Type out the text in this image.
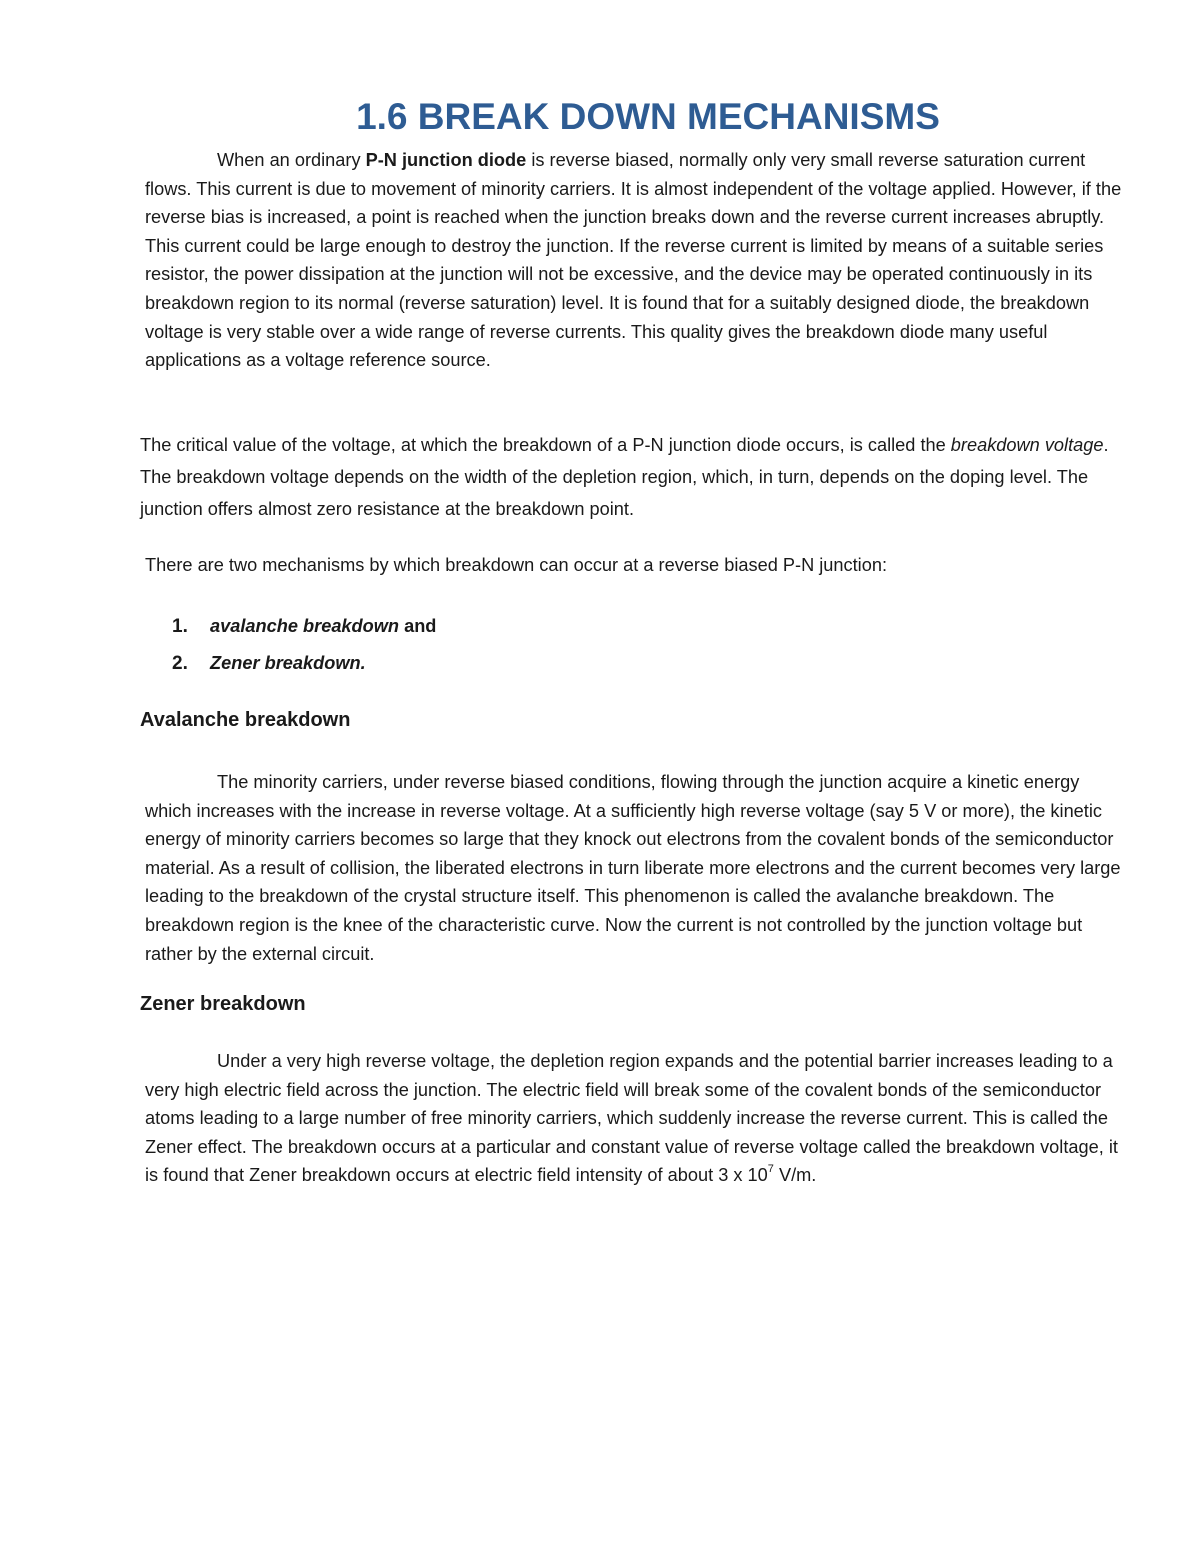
1.6 BREAK DOWN MECHANISMS

When an ordinary P-N junction diode is reverse biased, normally only very small reverse saturation current flows. This current is due to movement of minority carriers. It is almost independent of the voltage applied. However, if the reverse bias is increased, a point is reached when the junction breaks down and the reverse current increases abruptly. This current could be large enough to destroy the junction. If the reverse current is limited by means of a suitable series resistor, the power dissipation at the junction will not be excessive, and the device may be operated continuously in its breakdown region to its normal (reverse saturation) level. It is found that for a suitably designed diode, the breakdown voltage is very stable over a wide range of reverse currents. This quality gives the breakdown diode many useful applications as a voltage reference source.

The critical value of the voltage, at which the breakdown of a P-N junction diode occurs, is called the breakdown voltage. The breakdown voltage depends on the width of the depletion region, which, in turn, depends on the doping level. The junction offers almost zero resistance at the breakdown point.

There are two mechanisms by which breakdown can occur at a reverse biased P-N junction:

1. avalanche breakdown and
2. Zener breakdown.
Avalanche breakdown

The minority carriers, under reverse biased conditions, flowing through the junction acquire a kinetic energy which increases with the increase in reverse voltage. At a sufficiently high reverse voltage (say 5 V or more), the kinetic energy of minority carriers becomes so large that they knock out electrons from the covalent bonds of the semiconductor material. As a result of collision, the liberated electrons in turn liberate more electrons and the current becomes very large leading to the breakdown of the crystal structure itself. This phenomenon is called the avalanche breakdown. The breakdown region is the knee of the characteristic curve. Now the current is not controlled by the junction voltage but rather by the external circuit.

Zener breakdown

Under a very high reverse voltage, the depletion region expands and the potential barrier increases leading to a very high electric field across the junction. The electric field will break some of the covalent bonds of the semiconductor atoms leading to a large number of free minority carriers, which suddenly increase the reverse current. This is called the Zener effect. The breakdown occurs at a particular and constant value of reverse voltage called the breakdown voltage, it is found that Zener breakdown occurs at electric field intensity of about 3 x $10^7$ V/m.
